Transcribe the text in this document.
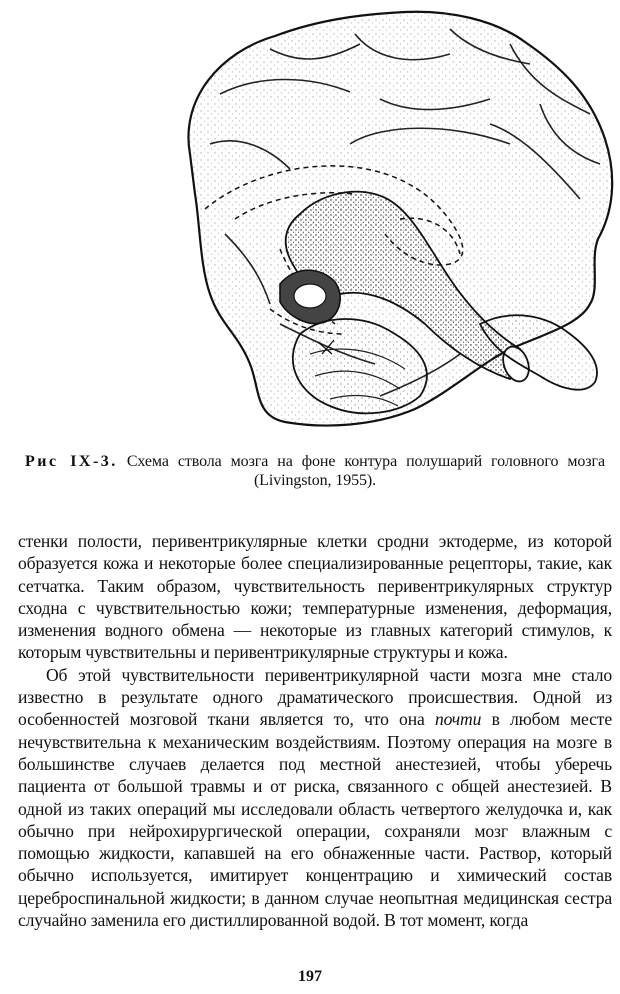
Рис IX-3. Схема ствола мозга на фоне контура полушарий головного мозга (Livingston, 1955).

стенки полости, перивентрикулярные клетки сродни эктодерме, из которой образуется кожа и некоторые более специализированные рецепторы, такие, как сетчатка. Таким образом, чувствительность перивентрикулярных структур сходна с чувствительностью кожи; температурные изменения, деформация, изменения водного обмена — некоторые из главных категорий стимулов, к которым чувствительны и перивентрикулярные структуры и кожа.

Об этой чувствительности перивентрикулярной части мозга мне стало известно в результате одного драматического происшествия. Одной из особенностей мозговой ткани является то, что она почти в любом месте нечувствительна к механическим воздействиям. Поэтому операция на мозге в большинстве случаев делается под местной анестезией, чтобы уберечь пациента от большой травмы и от риска, связанного с общей анестезией. В одной из таких операций мы исследовали область четвертого желудочка и, как обычно при нейрохирургической операции, сохраняли мозг влажным с помощью жидкости, капавшей на его обнаженные части. Раствор, который обычно используется, имитирует концентрацию и химический состав цереброспинальной жидкости; в данном случае неопытная медицинская сестра случайно заменила его дистиллированной водой. В тот момент, когда

197
